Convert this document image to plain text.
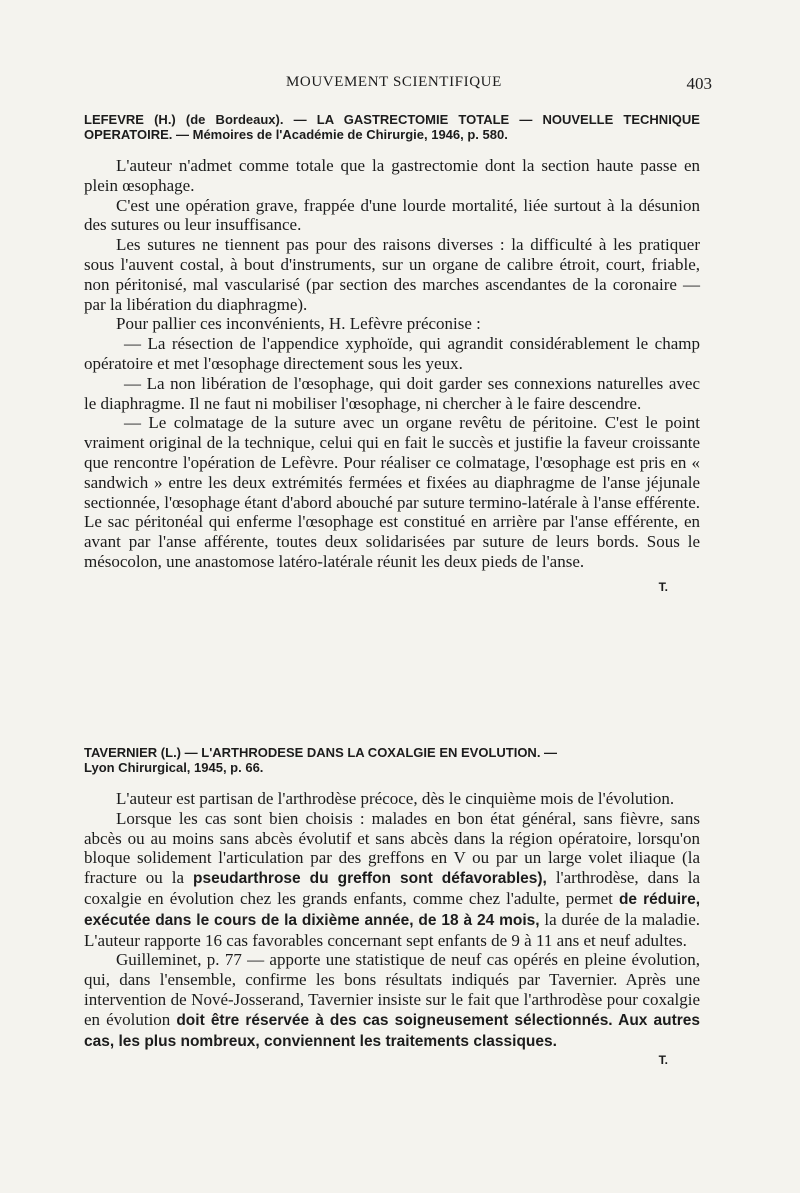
MOUVEMENT SCIENTIFIQUE	403

LEFEVRE (H.) (de Bordeaux). — LA GASTRECTOMIE TOTALE — NOUVELLE TECHNIQUE OPERATOIRE. — Mémoires de l'Académie de Chirurgie, 1946, p. 580.

L'auteur n'admet comme totale que la gastrectomie dont la section haute passe en plein œsophage.

C'est une opération grave, frappée d'une lourde mortalité, liée surtout à la désunion des sutures ou leur insuffisance.

Les sutures ne tiennent pas pour des raisons diverses : la difficulté à les pratiquer sous l'auvent costal, à bout d'instruments, sur un organe de calibre étroit, court, friable, non péritonisé, mal vascularisé (par section des marches ascendantes de la coronaire — par la libération du diaphragme).

Pour pallier ces inconvénients, H. Lefèvre préconise :

— La résection de l'appendice xyphoïde, qui agrandit considérablement le champ opératoire et met l'œsophage directement sous les yeux.

— La non libération de l'œsophage, qui doit garder ses connexions naturelles avec le diaphragme. Il ne faut ni mobiliser l'œsophage, ni chercher à le faire descendre.

— Le colmatage de la suture avec un organe revêtu de péritoine. C'est le point vraiment original de la technique, celui qui en fait le succès et justifie la faveur croissante que rencontre l'opération de Lefèvre. Pour réaliser ce colmatage, l'œsophage est pris en « sandwich » entre les deux extrémités fermées et fixées au diaphragme de l'anse jéjunale sectionnée, l'œsophage étant d'abord abouché par suture termino-latérale à l'anse efférente. Le sac péritonéal qui enferme l'œsophage est constitué en arrière par l'anse efférente, en avant par l'anse afférente, toutes deux solidarisées par suture de leurs bords. Sous le mésocolon, une anastomose latéro-latérale réunit les deux pieds de l'anse.

T.

TAVERNIER (L.) — L'ARTHRODESE DANS LA COXALGIE EN EVOLUTION. —
Lyon Chirurgical, 1945, p. 66.

L'auteur est partisan de l'arthrodèse précoce, dès le cinquième mois de l'évolution.

Lorsque les cas sont bien choisis : malades en bon état général, sans fièvre, sans abcès ou au moins sans abcès évolutif et sans abcès dans la région opératoire, lorsqu'on bloque solidement l'articulation par des greffons en V ou par un large volet iliaque (la fracture ou la pseudarthrose du greffon sont défavorables), l'arthrodèse, dans la coxalgie en évolution chez les grands enfants, comme chez l'adulte, permet de réduire, exécutée dans le cours de la dixième année, de 18 à 24 mois, la durée de la maladie. L'auteur rapporte 16 cas favorables concernant sept enfants de 9 à 11 ans et neuf adultes.

Guilleminet, p. 77 — apporte une statistique de neuf cas opérés en pleine évolution, qui, dans l'ensemble, confirme les bons résultats indiqués par Tavernier. Après une intervention de Nové-Josserand, Tavernier insiste sur le fait que l'arthrodèse pour coxalgie en évolution doit être réservée à des cas soigneusement sélectionnés. Aux autres cas, les plus nombreux, conviennent les traitements classiques.

T.
